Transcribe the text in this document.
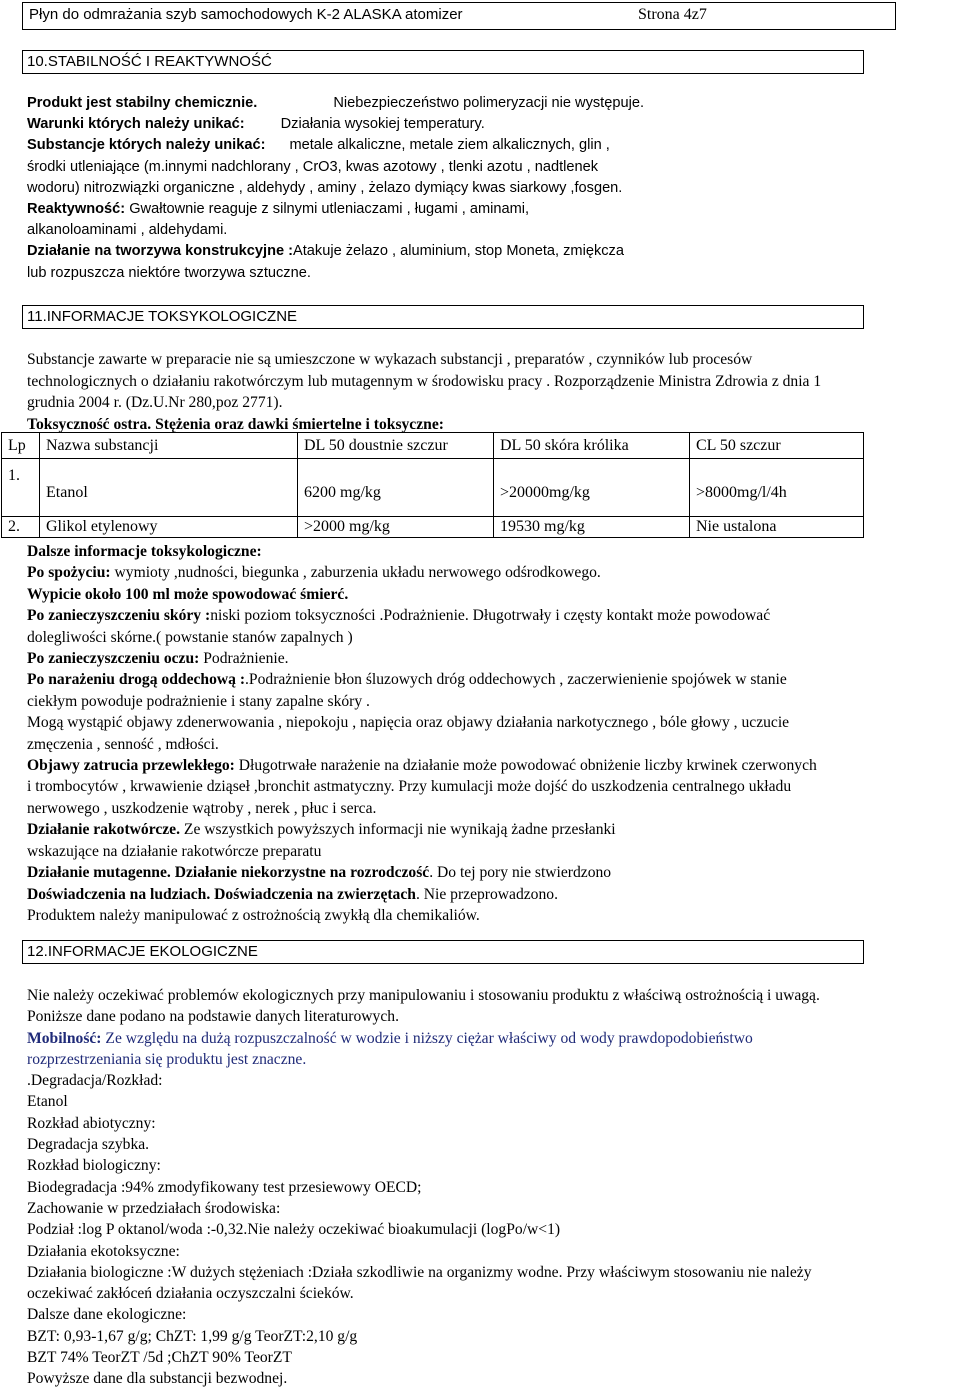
Płyn do odmrażania szyb samochodowych K-2 ALASKA atomizer	Strona 4z7
10.STABILNOŚĆ I REAKTYWNOŚĆ

Produkt jest stabilny chemicznie.	Niebezpieczeństwo polimeryzacji nie występuje.

Warunki których należy unikać: Działania wysokiej temperatury.

Substancje których należy unikać: metale alkaliczne, metale ziem alkalicznych, glin ,

środki utleniające (m.innymi nadchlorany , CrO3, kwas azotowy , tlenki azotu , nadtlenek

wodoru) nitrozwiązki organiczne , aldehydy , aminy , żelazo dymiący kwas siarkowy ,fosgen.

Reaktywność: Gwałtownie reaguje z silnymi utleniaczami , ługami , aminami,

alkanoloaminami , aldehydami.

Działanie na tworzywa konstrukcyjne :Atakuje żelazo , aluminium, stop Moneta, zmiękcza

lub rozpuszcza niektóre tworzywa sztuczne.

11.INFORMACJE TOKSYKOLOGICZNE

Substancje zawarte w preparacie nie są umieszczone w wykazach substancji , preparatów , czynników lub procesów

technologicznych o działaniu rakotwórczym lub mutagennym w środowisku pracy . Rozporządzenie Ministra Zdrowia z dnia 1

grudnia 2004 r. (Dz.U.Nr 280,poz 2771).

Toksyczność ostra. Stężenia oraz dawki śmiertelne i toksyczne:

Lp	Nazwa substancji	DL 50 doustnie szczur	DL 50 skóra królika	CL 50 szczur
1.	Etanol	6200 mg/kg	>20000mg/kg	>8000mg/l/4h
2.	Glikol etylenowy	>2000 mg/kg	19530 mg/kg	Nie ustalona

Dalsze informacje toksykologiczne:

Po spożyciu: wymioty ,nudności, biegunka , zaburzenia układu nerwowego odśrodkowego.

Wypicie około 100 ml może spowodować śmierć.

Po zanieczyszczeniu skóry :niski poziom toksyczności .Podrażnienie. Długotrwały i częsty kontakt może powodować

dolegliwości skórne.( powstanie stanów zapalnych )

Po zanieczyszczeniu oczu: Podrażnienie.

Po narażeniu drogą oddechową :.Podrażnienie błon śluzowych dróg oddechowych , zaczerwienienie spojówek w stanie

ciekłym powoduje podrażnienie i stany zapalne skóry .

Mogą wystąpić objawy zdenerwowania , niepokoju , napięcia oraz objawy działania narkotycznego , bóle głowy , uczucie

zmęczenia , senność , mdłości.

Objawy zatrucia przewlekłego: Długotrwałe narażenie na działanie może powodować obniżenie liczby krwinek czerwonych

i trombocytów , krwawienie dziąseł ,bronchit astmatyczny. Przy kumulacji może dojść do uszkodzenia centralnego układu

nerwowego , uszkodzenie wątroby , nerek , płuc i serca.

Działanie rakotwórcze. Ze wszystkich powyższych informacji nie wynikają żadne przesłanki

wskazujące na działanie rakotwórcze preparatu

Działanie mutagenne. Działanie niekorzystne na rozrodczość. Do tej pory nie stwierdzono

Doświadczenia na ludziach. Doświadczenia na zwierzętach. Nie przeprowadzono.

Produktem należy manipulować z ostrożnością zwykłą dla chemikaliów.

12.INFORMACJE EKOLOGICZNE

Nie należy oczekiwać problemów ekologicznych przy manipulowaniu i stosowaniu produktu z właściwą ostrożnością i uwagą.

Poniższe dane podano na podstawie danych literaturowych.

Mobilność: Ze względu na dużą rozpuszczalność w wodzie i niższy ciężar właściwy od wody prawdopodobieństwo

rozprzestrzeniania się produktu jest znaczne.

.Degradacja/Rozkład:

Etanol

Rozkład abiotyczny:

Degradacja szybka.

Rozkład biologiczny:

Biodegradacja :94% zmodyfikowany test przesiewowy OECD;

Zachowanie w przedziałach środowiska:

Podział :log P oktanol/woda :-0,32.Nie należy oczekiwać bioakumulacji (logPo/w<1)

Działania ekotoksyczne:

Działania biologiczne :W dużych stężeniach :Działa szkodliwie na organizmy wodne. Przy właściwym stosowaniu nie należy

oczekiwać zakłóceń działania oczyszczalni ścieków.

Dalsze dane ekologiczne:

BZT: 0,93-1,67 g/g; ChZT: 1,99 g/g TeorZT:2,10 g/g

BZT 74% TeorZT /5d ;ChZT 90% TeorZT

Powyższe dane dla substancji bezwodnej.
